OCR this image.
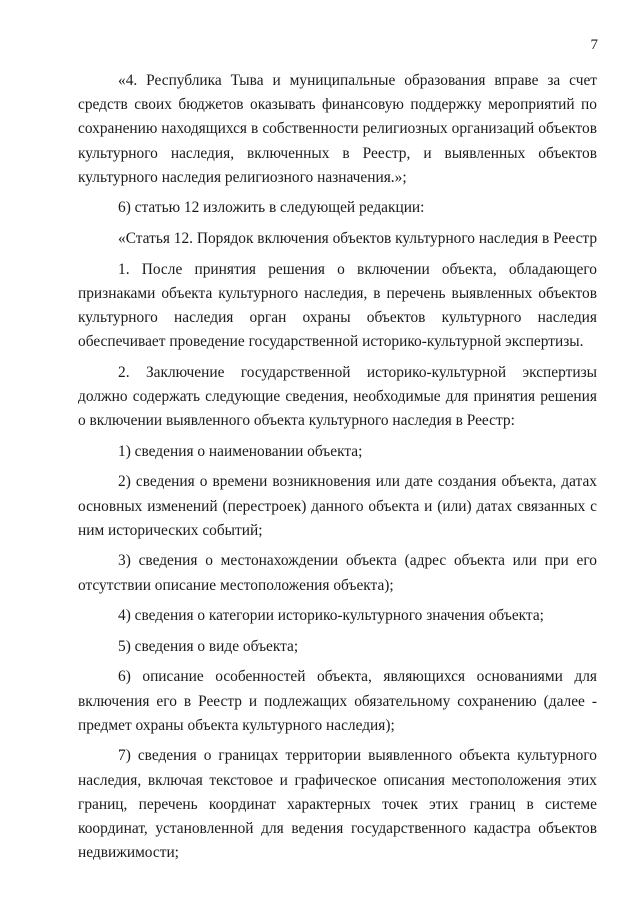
7

«4. Республика Тыва и муниципальные образования вправе за счет средств своих бюджетов оказывать финансовую поддержку мероприятий по сохранению находящихся в собственности религиозных организаций объектов культурного наследия, включенных в Реестр, и выявленных объектов культурного наследия религиозного назначения.»;

6) статью 12 изложить в следующей редакции:

«Статья 12. Порядок включения объектов культурного наследия в Реестр

1. После принятия решения о включении объекта, обладающего признаками объекта культурного наследия, в перечень выявленных объектов культурного наследия орган охраны объектов культурного наследия обеспечивает проведение государственной историко-культурной экспертизы.

2. Заключение государственной историко-культурной экспертизы должно содержать следующие сведения, необходимые для принятия решения о включении выявленного объекта культурного наследия в Реестр:

1) сведения о наименовании объекта;

2) сведения о времени возникновения или дате создания объекта, датах основных изменений (перестроек) данного объекта и (или) датах связанных с ним исторических событий;

3) сведения о местонахождении объекта (адрес объекта или при его отсутствии описание местоположения объекта);

4) сведения о категории историко-культурного значения объекта;

5) сведения о виде объекта;

6) описание особенностей объекта, являющихся основаниями для включения его в Реестр и подлежащих обязательному сохранению (далее - предмет охраны объекта культурного наследия);

7) сведения о границах территории выявленного объекта культурного наследия, включая текстовое и графическое описания местоположения этих границ, перечень координат характерных точек этих границ в системе координат, установленной для ведения государственного кадастра объектов недвижимости;
